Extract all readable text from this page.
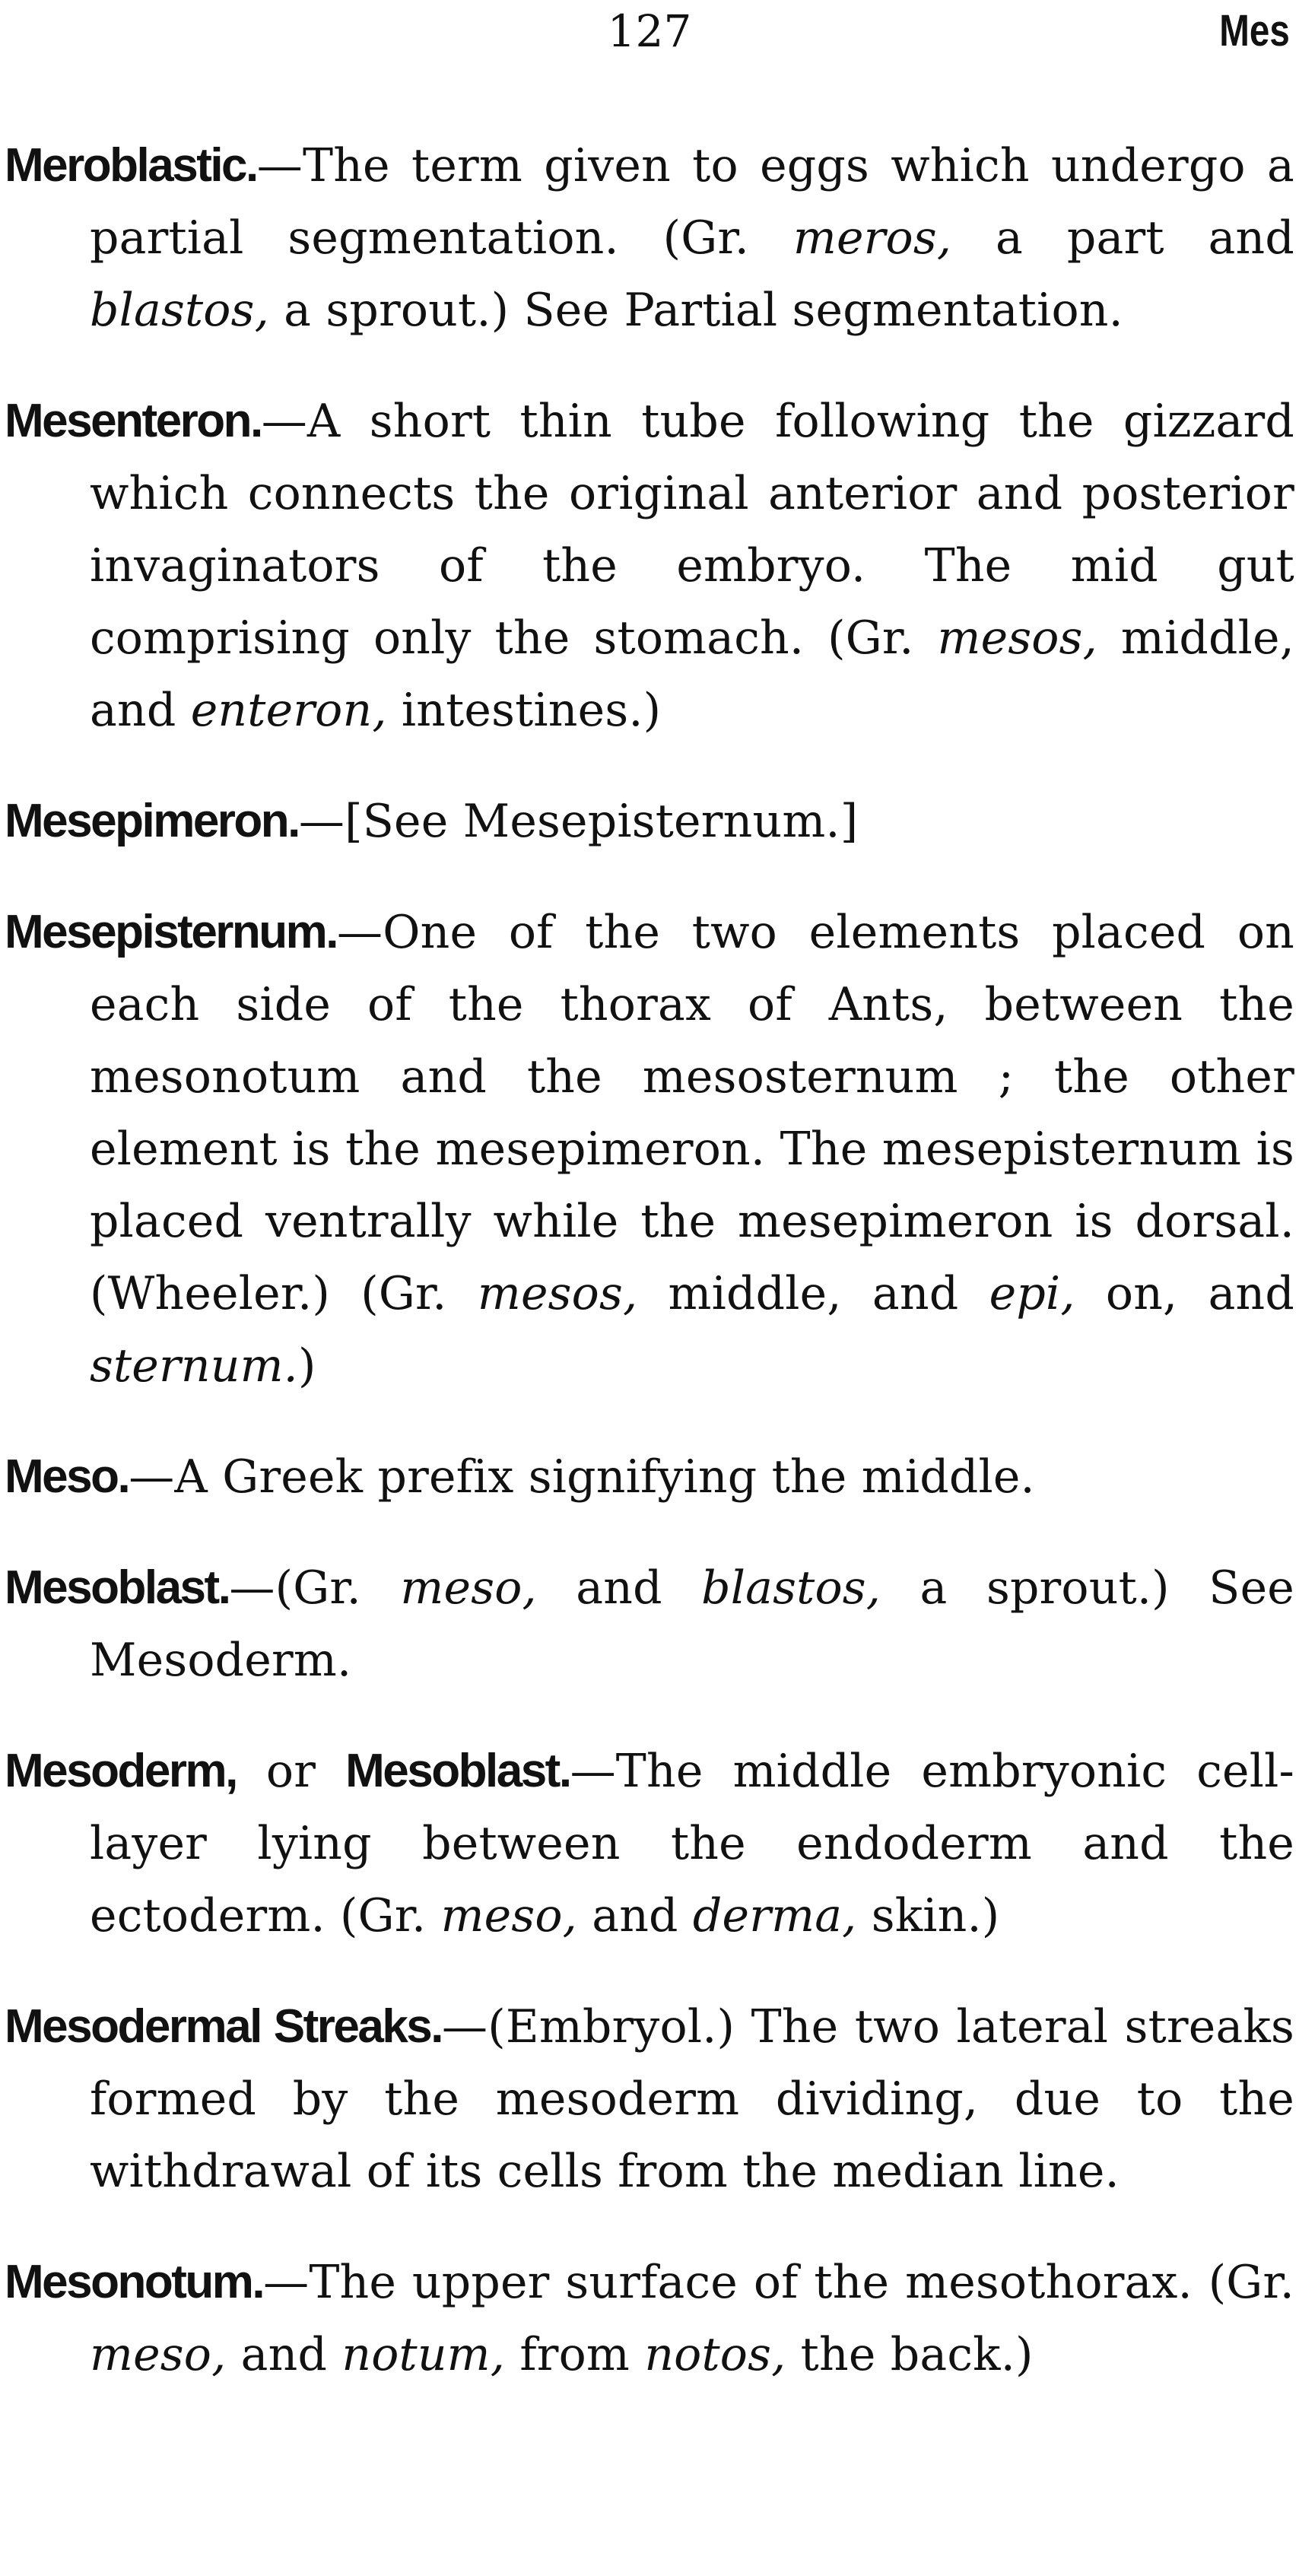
127	Mes

Meroblastic.—The term given to eggs which undergo a partial segmentation. (Gr. meros, a part and blastos, a sprout.) See Partial segmentation.

Mesenteron.—A short thin tube following the gizzard which connects the original anterior and posterior invaginators of the embryo. The mid gut comprising only the stomach. (Gr. mesos, middle, and enteron, intestines.)

Mesepimeron.—[See Mesepisternum.]

Mesepisternum.—One of the two elements placed on each side of the thorax of Ants, between the mesonotum and the mesosternum ; the other element is the mesepimeron. The mesepisternum is placed ventrally while the mesepimeron is dorsal. (Wheeler.) (Gr. mesos, middle, and epi, on, and sternum.)

Meso.—A Greek prefix signifying the middle.

Mesoblast.—(Gr. meso, and blastos, a sprout.) See Mesoderm.

Mesoderm, or Mesoblast.—The middle embryonic cell-layer lying between the endoderm and the ectoderm. (Gr. meso, and derma, skin.)

Mesodermal Streaks.—(Embryol.) The two lateral streaks formed by the mesoderm dividing, due to the withdrawal of its cells from the median line.

Mesonotum.—The upper surface of the mesothorax. (Gr. meso, and notum, from notos, the back.)
